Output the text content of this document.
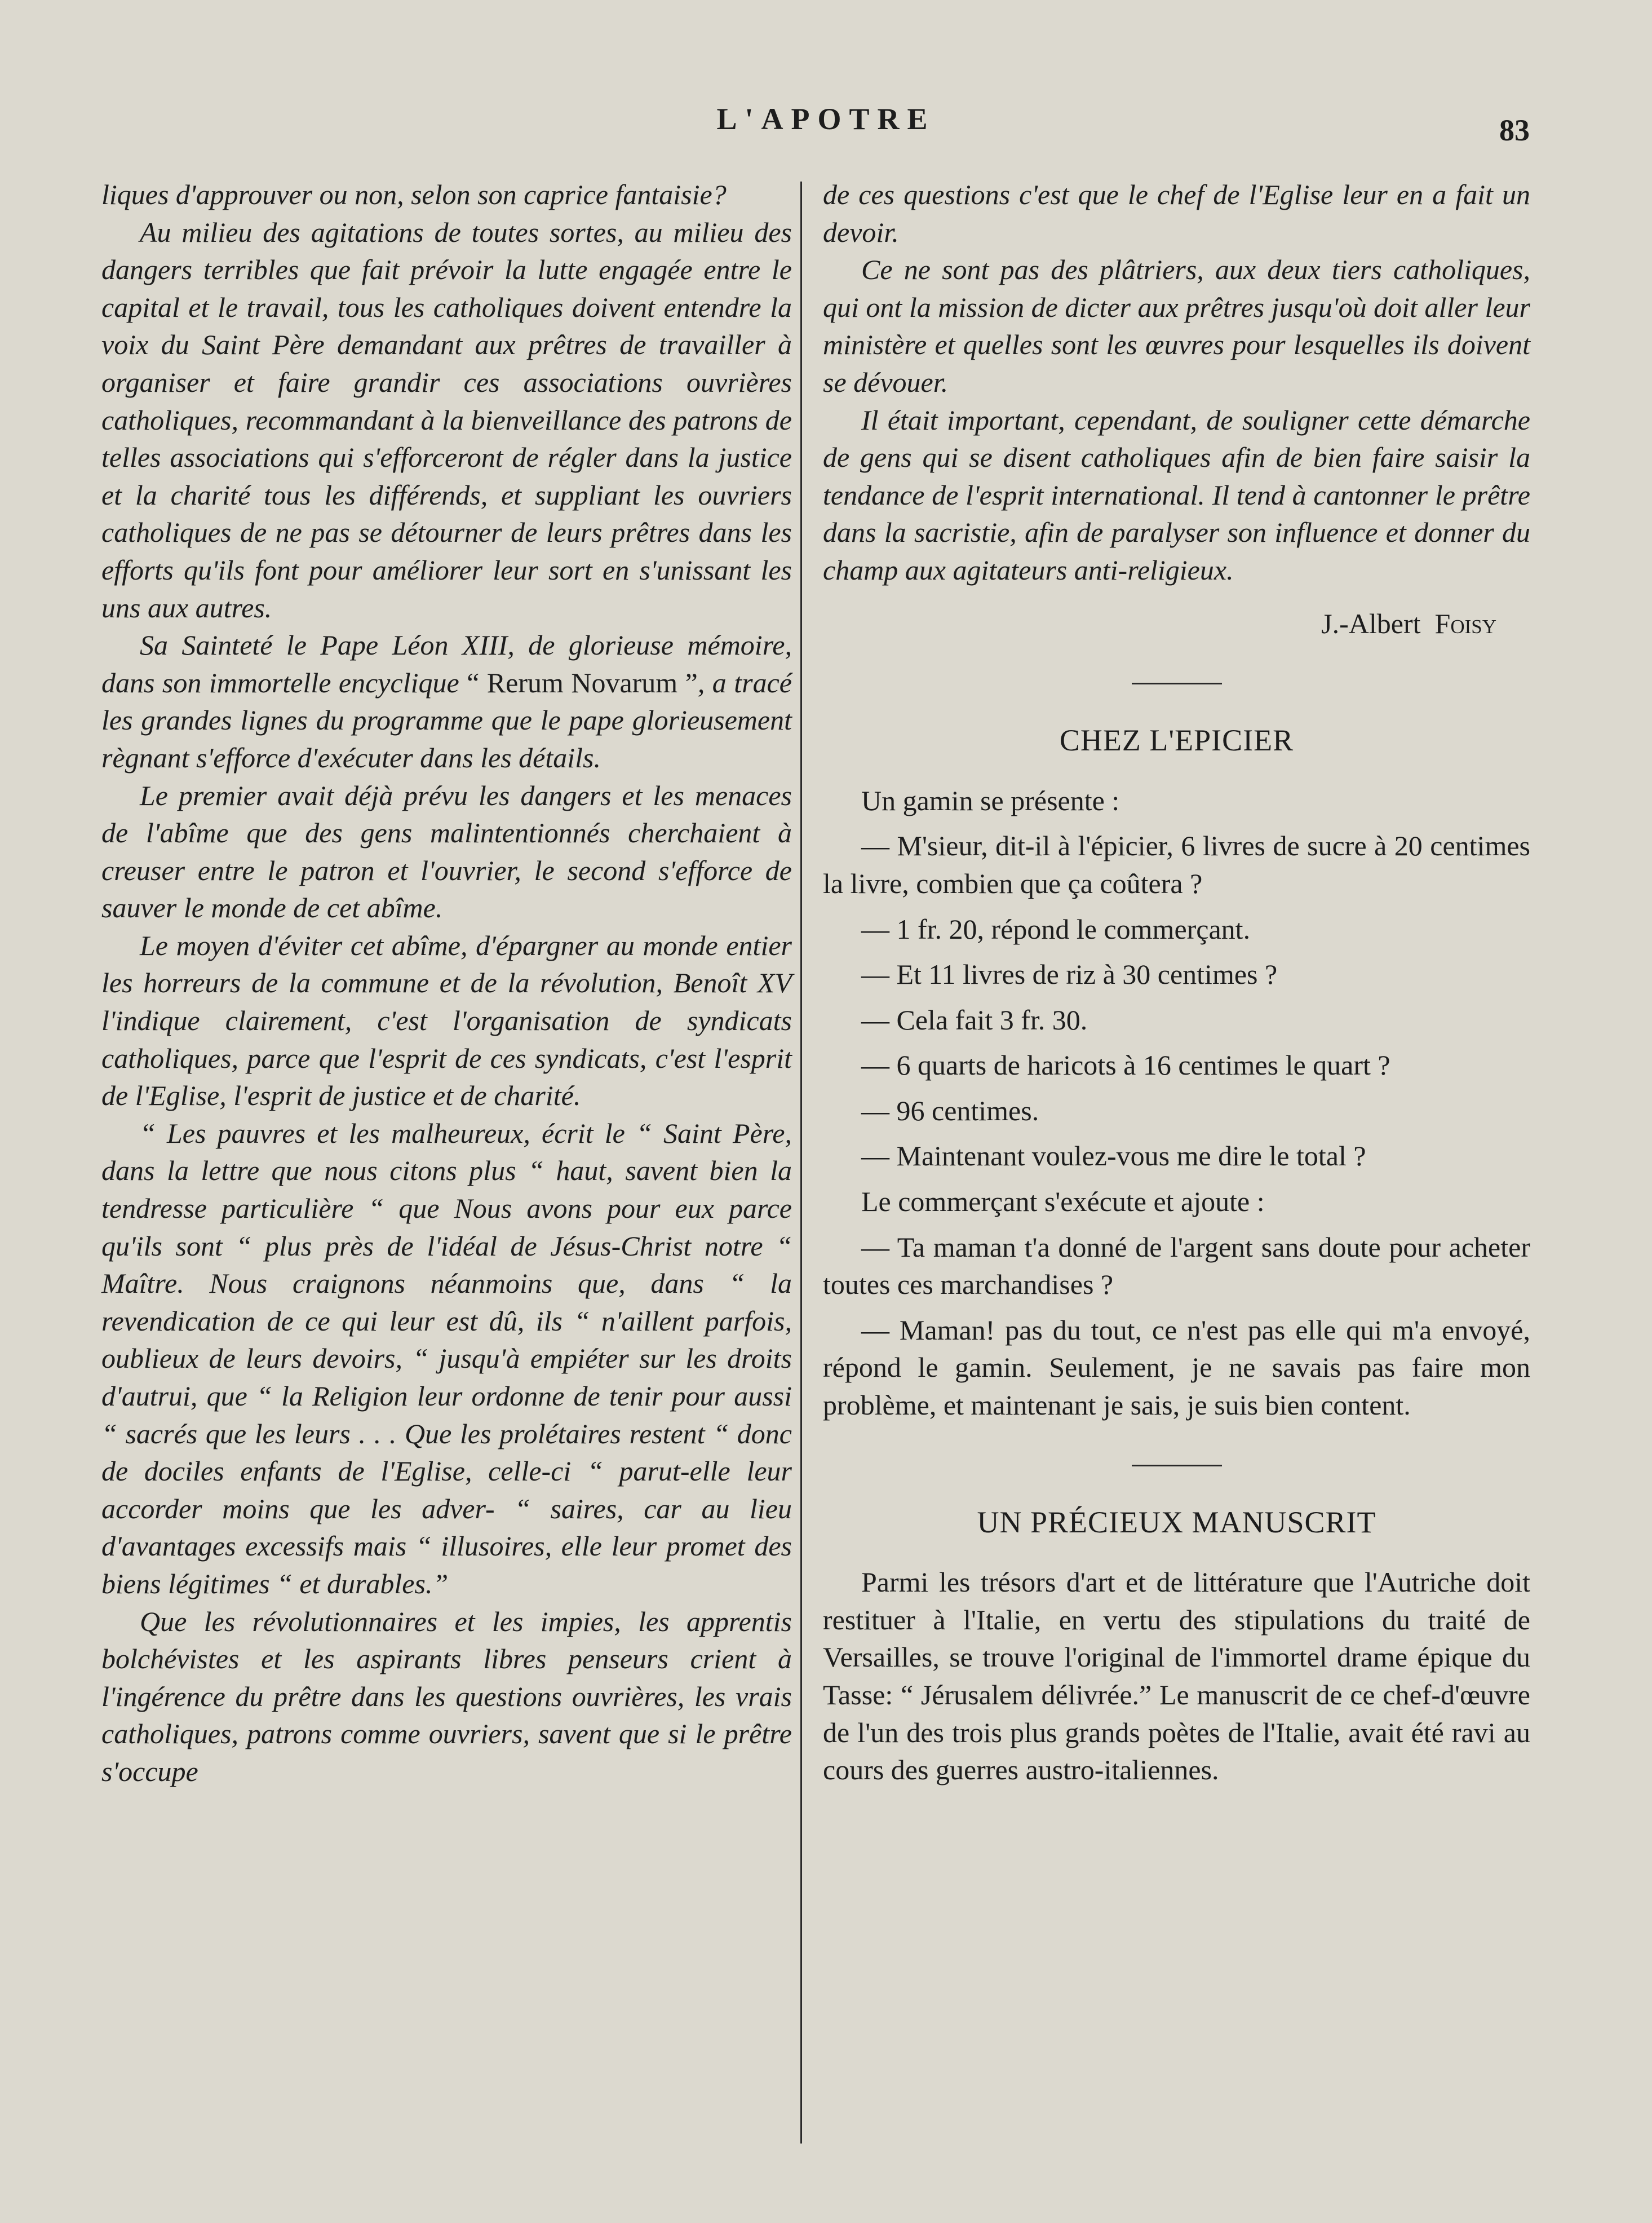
L'APOTRE	83

liques d'approuver ou non, selon son caprice fantaisie?

Au milieu des agitations de toutes sortes, au milieu des dangers terribles que fait prévoir la lutte engagée entre le capital et le travail, tous les catholiques doivent entendre la voix du Saint Père demandant aux prêtres de travailler à organiser et faire grandir ces associations ouvrières catholiques, recommandant à la bienveillance des patrons de telles associations qui s'efforceront de régler dans la justice et la charité tous les différends, et suppliant les ouvriers catholiques de ne pas se détourner de leurs prêtres dans les efforts qu'ils font pour améliorer leur sort en s'unissant les uns aux autres.

Sa Sainteté le Pape Léon XIII, de glorieuse mémoire, dans son immortelle encyclique “ Rerum Novarum ”, a tracé les grandes lignes du programme que le pape glorieusement règnant s'efforce d'exécuter dans les détails.

Le premier avait déjà prévu les dangers et les menaces de l'abîme que des gens malintentionnés cherchaient à creuser entre le patron et l'ouvrier, le second s'efforce de sauver le monde de cet abîme.

Le moyen d'éviter cet abîme, d'épargner au monde entier les horreurs de la commune et de la révolution, Benoît XV l'indique clairement, c'est l'organisation de syndicats catholiques, parce que l'esprit de ces syndicats, c'est l'esprit de l'Eglise, l'esprit de justice et de charité.

“ Les pauvres et les malheureux, écrit le “ Saint Père, dans la lettre que nous citons plus “ haut, savent bien la tendresse particulière “ que Nous avons pour eux parce qu'ils sont “ plus près de l'idéal de Jésus-Christ notre “ Maître. Nous craignons néanmoins que, dans “ la revendication de ce qui leur est dû, ils “ n'aillent parfois, oublieux de leurs devoirs, “ jusqu'à empiéter sur les droits d'autrui, que “ la Religion leur ordonne de tenir pour aussi “ sacrés que les leurs . . . Que les prolétaires restent “ donc de dociles enfants de l'Eglise, celle-ci “ parut-elle leur accorder moins que les adver- “ saires, car au lieu d'avantages excessifs mais “ illusoires, elle leur promet des biens légitimes “ et durables.”

Que les révolutionnaires et les impies, les apprentis bolchévistes et les aspirants libres penseurs crient à l'ingérence du prêtre dans les questions ouvrières, les vrais catholiques, patrons comme ouvriers, savent que si le prêtre s'occupe

de ces questions c'est que le chef de l'Eglise leur en a fait un devoir.

Ce ne sont pas des plâtriers, aux deux tiers catholiques, qui ont la mission de dicter aux prêtres jusqu'où doit aller leur ministère et quelles sont les œuvres pour lesquelles ils doivent se dévouer.

Il était important, cependant, de souligner cette démarche de gens qui se disent catholiques afin de bien faire saisir la tendance de l'esprit international. Il tend à cantonner le prêtre dans la sacristie, afin de paralyser son influence et donner du champ aux agitateurs anti-religieux.

J.-Albert Foisy

CHEZ L'EPICIER

Un gamin se présente :

— M'sieur, dit-il à l'épicier, 6 livres de sucre à 20 centimes la livre, combien que ça coûtera ?

— 1 fr. 20, répond le commerçant.

— Et 11 livres de riz à 30 centimes ?

— Cela fait 3 fr. 30.

— 6 quarts de haricots à 16 centimes le quart ?

— 96 centimes.

— Maintenant voulez-vous me dire le total ?

Le commerçant s'exécute et ajoute :

— Ta maman t'a donné de l'argent sans doute pour acheter toutes ces marchandises ?

— Maman! pas du tout, ce n'est pas elle qui m'a envoyé, répond le gamin. Seulement, je ne savais pas faire mon problème, et maintenant je sais, je suis bien content.

UN PRÉCIEUX MANUSCRIT

Parmi les trésors d'art et de littérature que l'Autriche doit restituer à l'Italie, en vertu des stipulations du traité de Versailles, se trouve l'original de l'immortel drame épique du Tasse: “ Jérusalem délivrée.” Le manuscrit de ce chef-d'œuvre de l'un des trois plus grands poètes de l'Italie, avait été ravi au cours des guerres austro-italiennes.
